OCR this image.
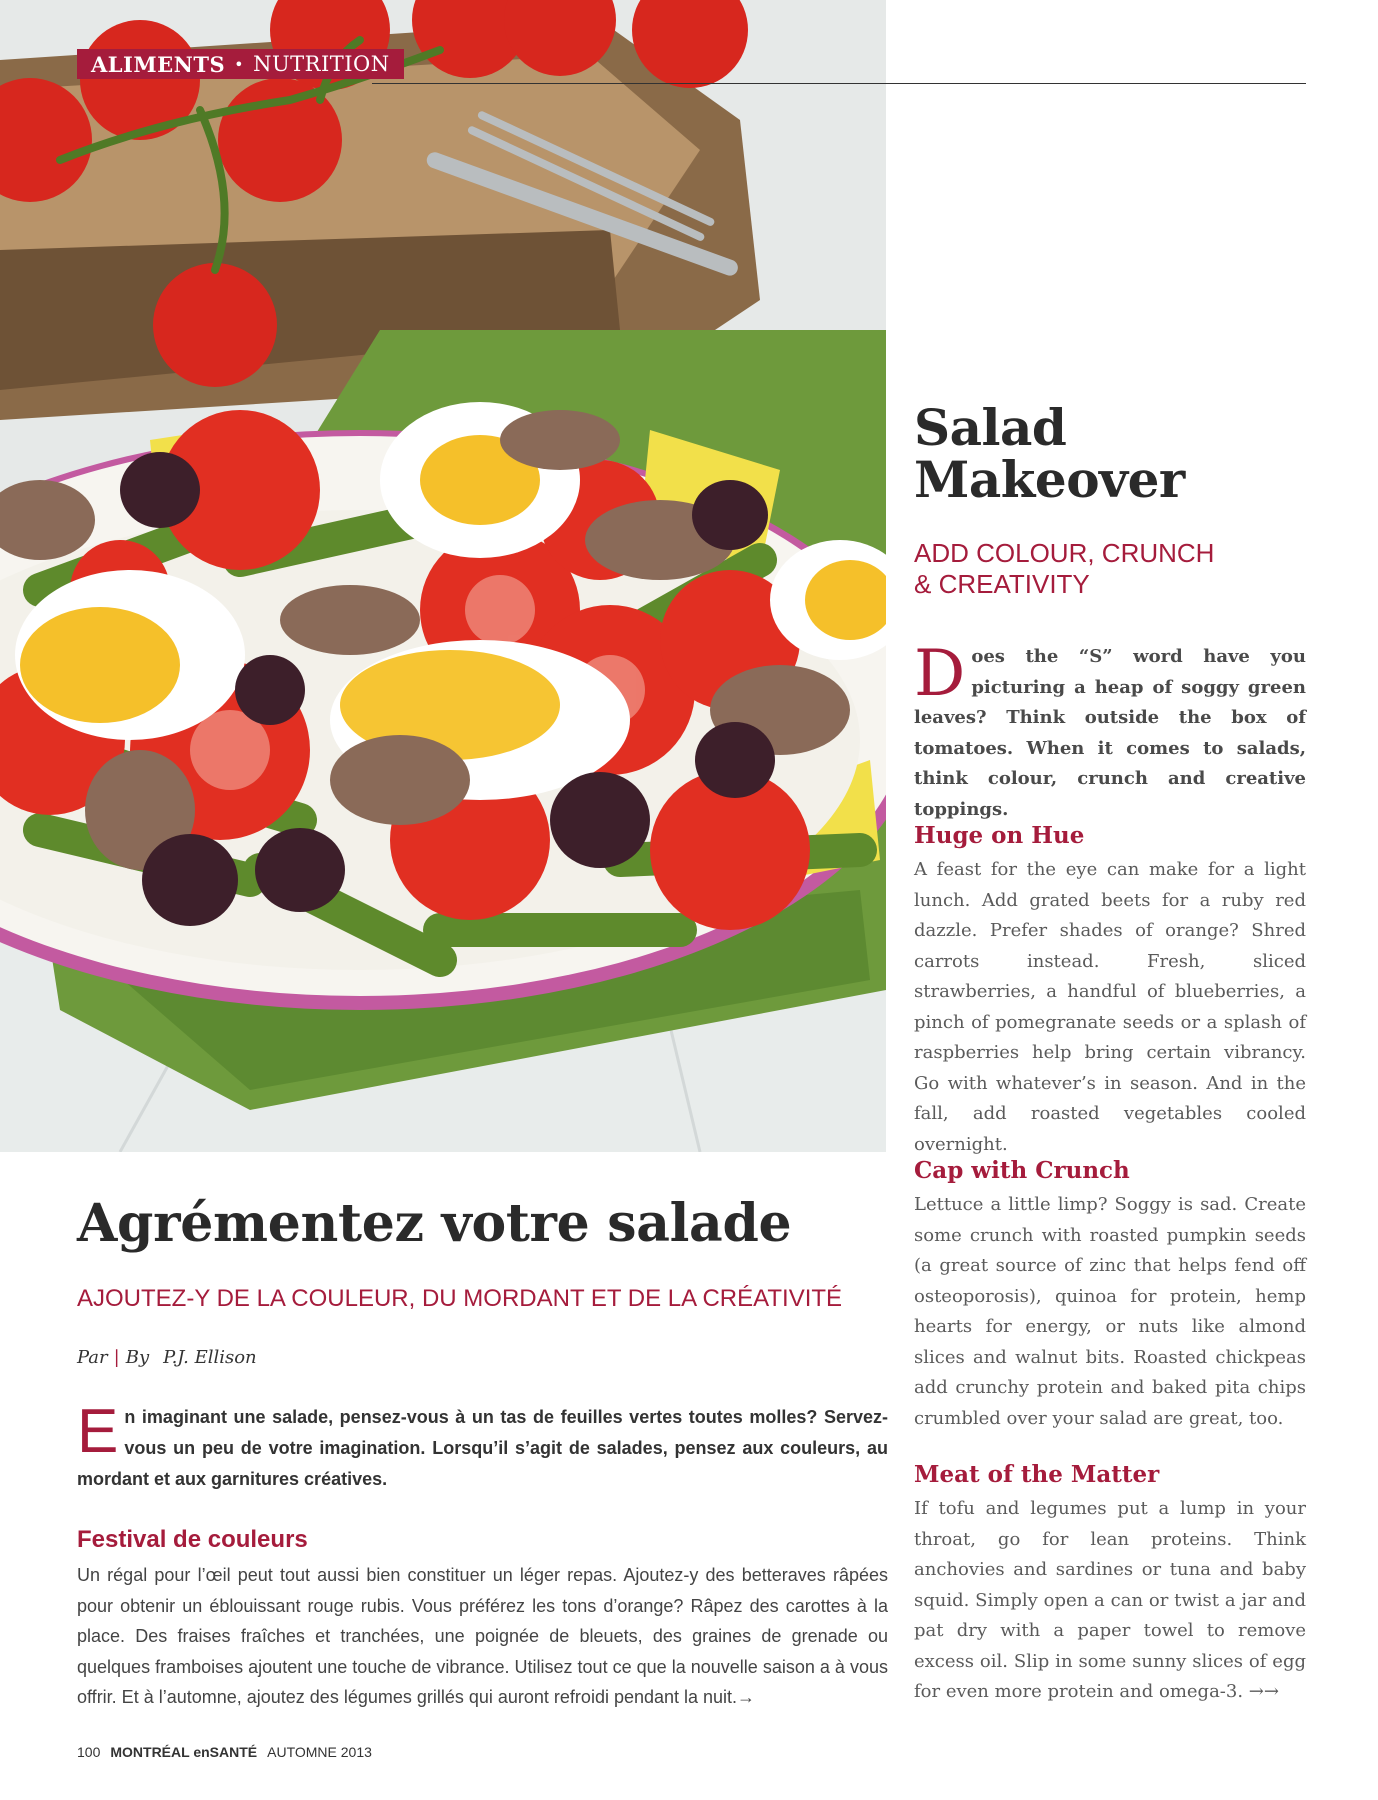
ALIMENTS • NUTRITION
Salad
Makeover
ADD COLOUR, CRUNCH
& CREATIVITY

Does the “S” word have you picturing a heap of soggy green leaves? Think outside the box of tomatoes. When it comes to salads, think colour, crunch and creative toppings.

Huge on Hue

A feast for the eye can make for a light lunch. Add grated beets for a ruby red dazzle. Prefer shades of orange? Shred carrots instead. Fresh, sliced strawberries, a handful of blueberries, a pinch of pomegranate seeds or a splash of raspberries help bring certain vibrancy. Go with whatever’s in season. And in the fall, add roasted vegetables cooled overnight.

Cap with Crunch

Lettuce a little limp? Soggy is sad. Create some crunch with roasted pumpkin seeds (a great source of zinc that helps fend off osteoporosis), quinoa for protein, hemp hearts for energy, or nuts like almond slices and walnut bits. Roasted chickpeas add crunchy protein and baked pita chips crumbled over your salad are great, too.

Meat of the Matter

If tofu and legumes put a lump in your throat, go for lean proteins. Think anchovies and sardines or tuna and baby squid. Simply open a can or twist a jar and pat dry with a paper towel to remove excess oil. Slip in some sunny slices of egg for even more protein and omega-3. →→

Agrémentez votre salade
AJOUTEZ-Y DE LA COULEUR, DU MORDANT ET DE LA CRÉATIVITÉ
Par | By P.J. Ellison

En imaginant une salade, pensez-vous à un tas de feuilles vertes toutes molles? Servez-vous un peu de votre imagination. Lorsqu’il s’agit de salades, pensez aux couleurs, au mordant et aux garnitures créatives.

Festival de couleurs

Un régal pour l’œil peut tout aussi bien constituer un léger repas. Ajoutez-y des betteraves râpées pour obtenir un éblouissant rouge rubis. Vous préférez les tons d’orange? Râpez des carottes à la place. Des fraises fraîches et tranchées, une poignée de bleuets, des graines de grenade ou quelques framboises ajoutent une touche de vibrance. Utilisez tout ce que la nouvelle saison a à vous offrir. Et à l’automne, ajoutez des légumes grillés qui auront refroidi pendant la nuit.→

100 MONTRÉAL enSANTÉ AUTOMNE 2013
